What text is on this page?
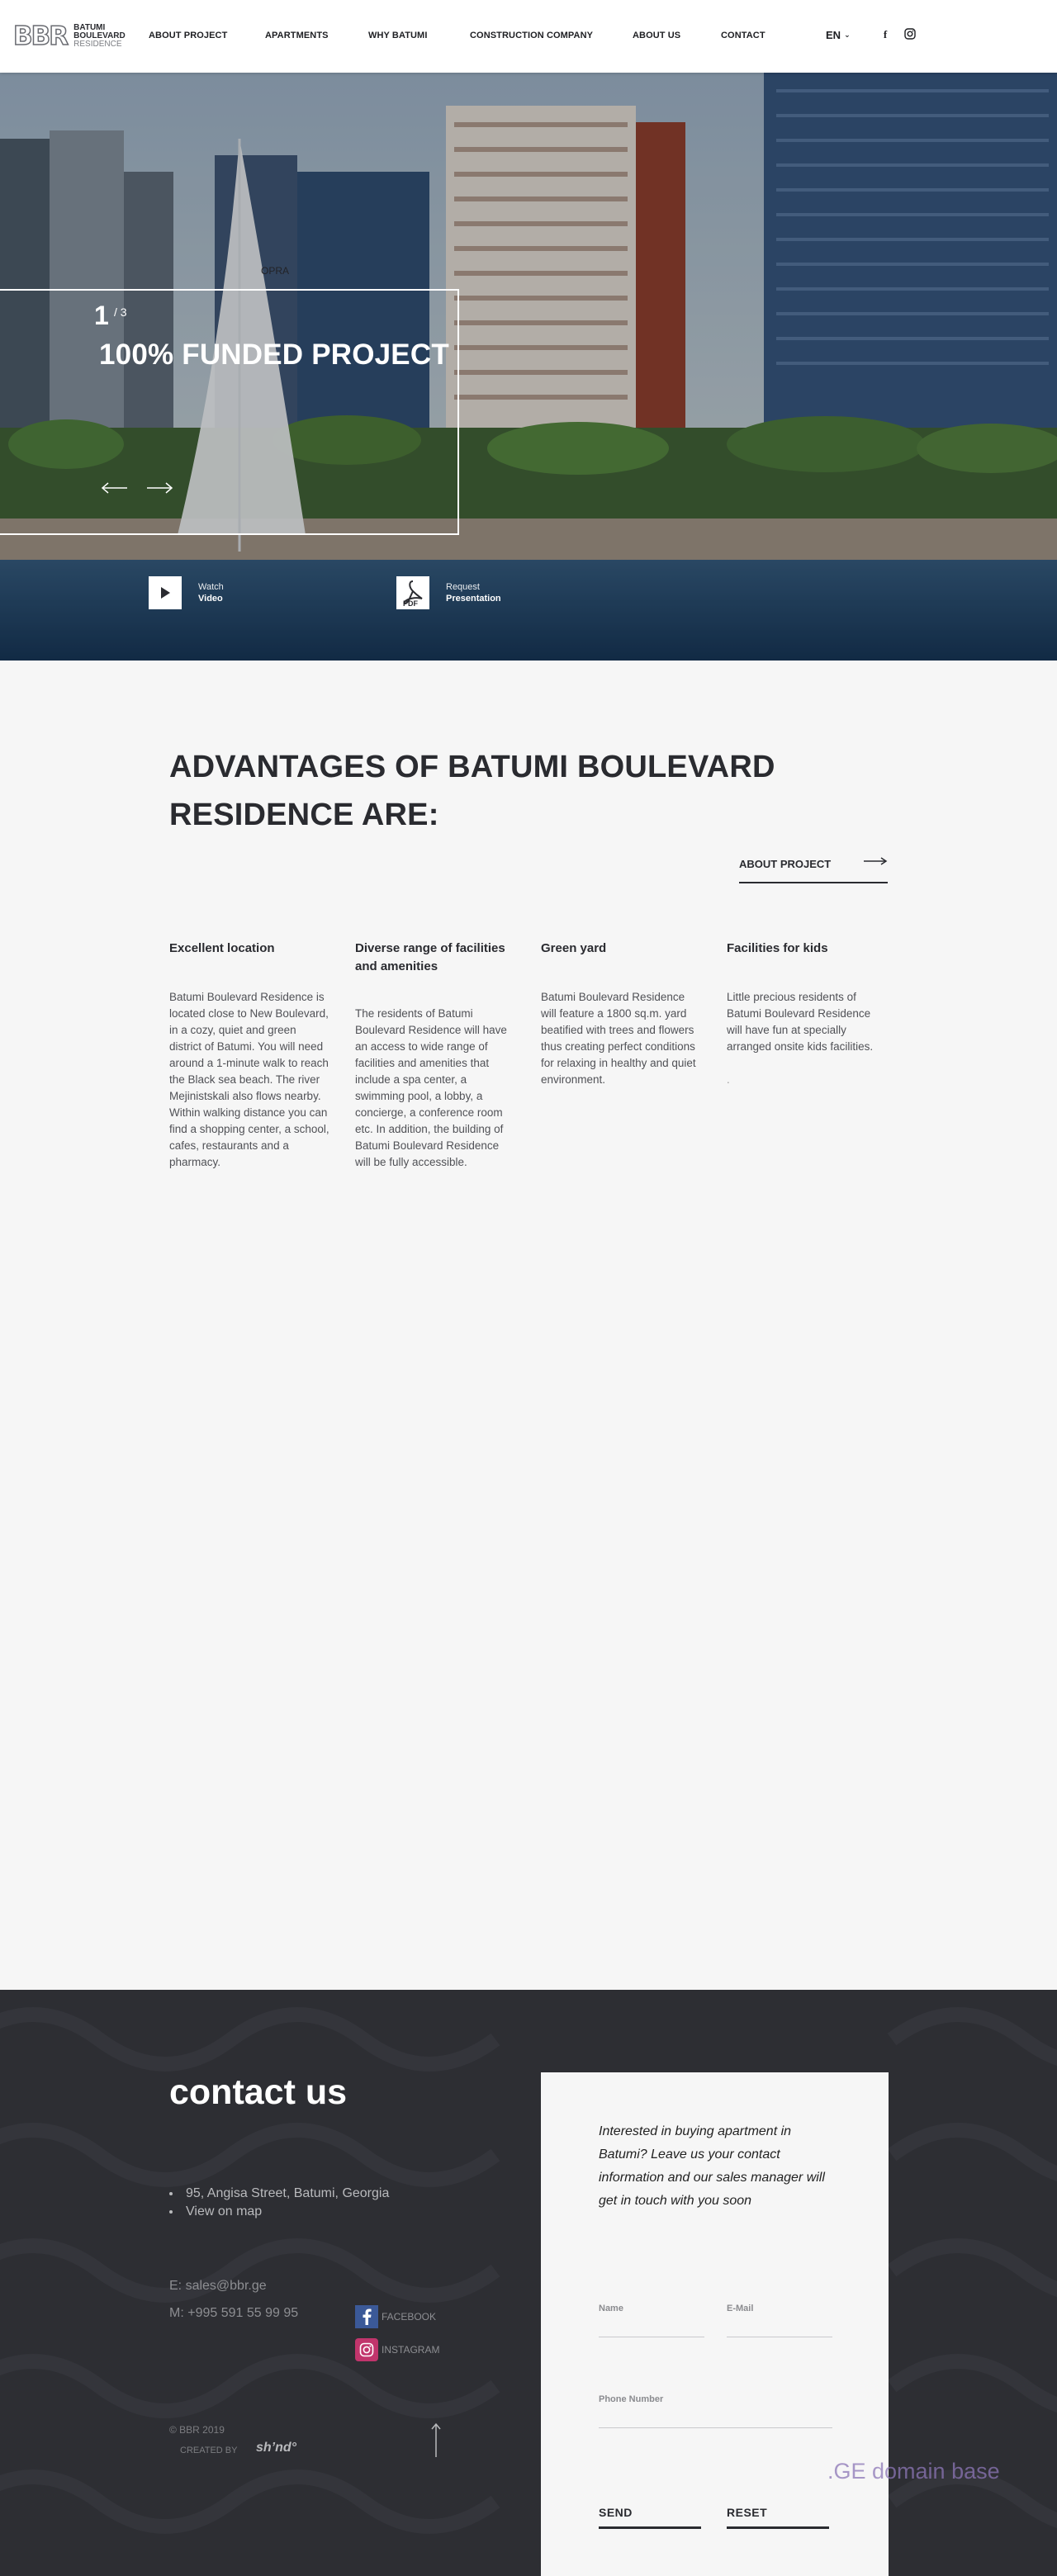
BBR BATUMI
BOULEVARD
RESIDENCE
ABOUT PROJECT	APARTMENTS	WHY BATUMI	CONSTRUCTION COMPANY	ABOUT US	CONTACT	EN ⌄	f
OPRA
1 / 3
100% FUNDED PROJECT
Watch
Video	PDF
Request
Presentation
ADVANTAGES OF BATUMI BOULEVARD RESIDENCE ARE:
ABOUT PROJECT
Excellent location

Batumi Boulevard Residence is located close to New Boulevard, in a cozy, quiet and green district of Batumi. You will need around a 1-minute walk to reach the Black sea beach. The river Mejinistskali also flows nearby. Within walking distance you can find a shopping center, a school, cafes, restaurants and a pharmacy.

Diverse range of facilities and amenities

The residents of Batumi Boulevard Residence will have an access to wide range of facilities and amenities that include a spa center, a swimming pool, a lobby, a concierge, a conference room etc. In addition, the building of Batumi Boulevard Residence will be fully accessible.

Green yard

Batumi Boulevard Residence will feature a 1800 sq.m. yard beatified with trees and flowers thus creating perfect conditions for relaxing in healthy and quiet environment.

Facilities for kids

Little precious residents of Batumi Boulevard Residence will have fun at specially arranged onsite kids facilities.

.

contact us
95, Angisa Street, Batumi, Georgia
View on map
E: sales@bbr.ge
M: +995 591 55 99 95	FACEBOOK
INSTAGRAM
© BBR 2019
CREATED BY sh’nd°
Interested in buying apartment in Batumi? Leave us your contact information and our sales manager will get in touch with you soon
Name	E-Mail
Phone Number
SEND	RESET
.GE domain base
